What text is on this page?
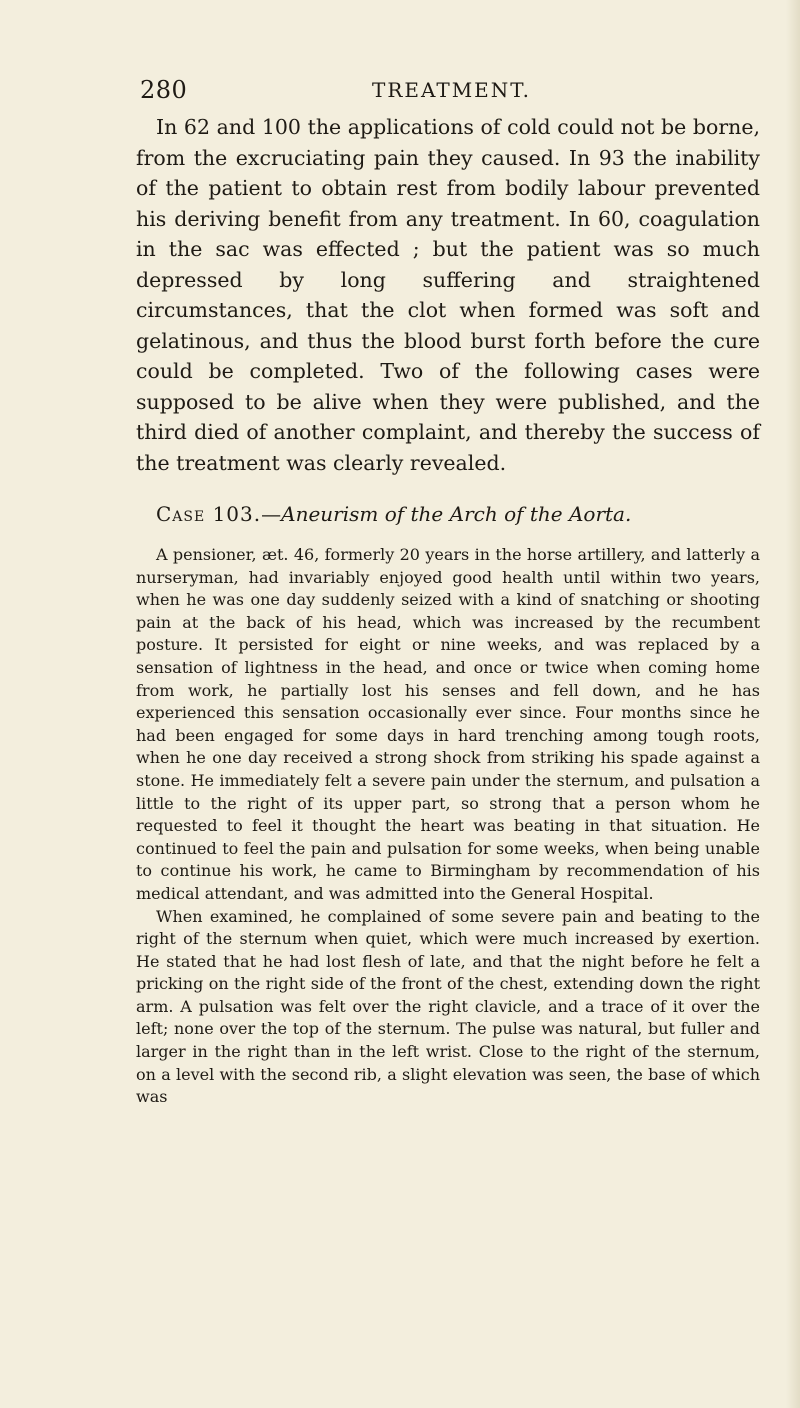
280	TREATMENT.

In 62 and 100 the applications of cold could not be borne, from the excruciating pain they caused. In 93 the inability of the patient to obtain rest from bodily labour prevented his deriving benefit from any treatment. In 60, coagulation in the sac was effected ; but the patient was so much depressed by long suffering and straightened circumstances, that the clot when formed was soft and gelatinous, and thus the blood burst forth before the cure could be completed. Two of the following cases were supposed to be alive when they were published, and the third died of another complaint, and thereby the success of the treatment was clearly revealed.

Case 103.—Aneurism of the Arch of the Aorta.

A pensioner, æt. 46, formerly 20 years in the horse artillery, and latterly a nurseryman, had invariably enjoyed good health until within two years, when he was one day suddenly seized with a kind of snatching or shooting pain at the back of his head, which was increased by the recumbent posture. It persisted for eight or nine weeks, and was replaced by a sensation of lightness in the head, and once or twice when coming home from work, he partially lost his senses and fell down, and he has experienced this sensation occasionally ever since. Four months since he had been engaged for some days in hard trenching among tough roots, when he one day received a strong shock from striking his spade against a stone. He immediately felt a severe pain under the sternum, and pulsation a little to the right of its upper part, so strong that a person whom he requested to feel it thought the heart was beating in that situation. He continued to feel the pain and pulsation for some weeks, when being unable to continue his work, he came to Birmingham by recommendation of his medical attendant, and was admitted into the General Hospital.

When examined, he complained of some severe pain and beating to the right of the sternum when quiet, which were much increased by exertion. He stated that he had lost flesh of late, and that the night before he felt a pricking on the right side of the front of the chest, extending down the right arm. A pulsation was felt over the right clavicle, and a trace of it over the left; none over the top of the sternum. The pulse was natural, but fuller and larger in the right than in the left wrist. Close to the right of the sternum, on a level with the second rib, a slight elevation was seen, the base of which was
